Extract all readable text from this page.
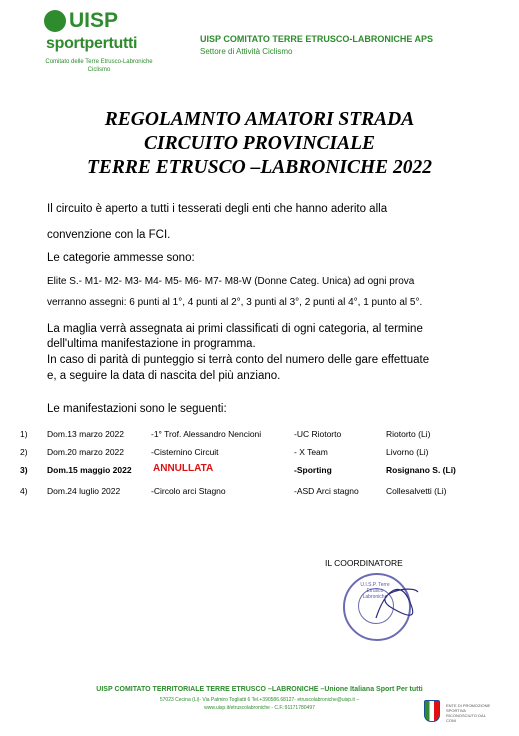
UISP
sportpertutti
Comitato delle Terre Etrusco-Labroniche Ciclismo
UISP COMITATO TERRE ETRUSCO-LABRONICHE APS
Settore di Attività Ciclismo
REGOLAMNTO AMATORI STRADA
CIRCUITO PROVINCIALE
TERRE ETRUSCO –LABRONICHE 2022
Il circuito è aperto a tutti i tesserati degli enti che hanno aderito alla
convenzione con la FCI.
Le categorie ammesse sono:
Elite S.- M1- M2- M3- M4- M5- M6- M7- M8-W (Donne Categ. Unica) ad ogni prova
verranno assegni: 6 punti al 1°, 4 punti al 2°, 3 punti al 3°, 2 punti al 4°, 1 punto al 5°.
La maglia verrà assegnata ai primi classificati di ogni categoria, al termine
dell'ultima manifestazione in programma.
In caso di parità di punteggio si terrà conto del numero delle gare effettuate
e, a seguire la data di nascita del più anziano.
Le manifestazioni sono le seguenti:
1) Dom.13 marzo 2022	-1° Trof. Alessandro Nencioni	-UC Riotorto	Riotorto (Li)
2) Dom.20 marzo 2022	-Cisternino Circuit	- X Team	Livorno (Li)
3) Dom.15 maggio 2022 ANNULLATA	-Sporting	Rosignano S. (Li)
4) Dom.24 luglio 2022	-Circolo arci Stagno	-ASD Arci stagno	Collesalvetti (Li)
IL COORDINATORE
U.I.S.P. Terre Etrusco Labroniche
UISP COMITATO TERRITORIALE TERRE ETRUSCO –LABRONICHE –Unione Italiana Sport Per tutti
57023 Cecina (Li)- Via Palmiro Togliatti 6 Tel.+390586.68127- etruscolabroniche@uisp.it –
www.uisp.it/etruscolabroniche - C.F.:91171780497	ENTE DI PROMOZIONE SPORTIVA RICONOSCIUTO DAL CONI
